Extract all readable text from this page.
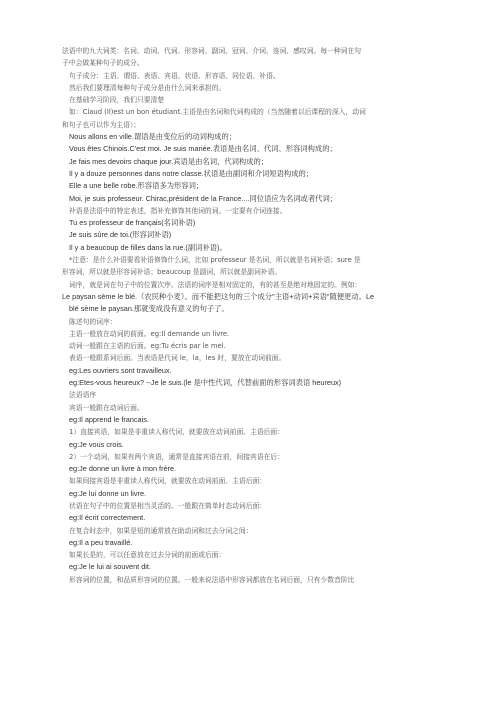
法语中的九大词类：名词、动词、代词、形容词、副词、冠词、介词、连词、感叹词。每一种词在句
子中会做某种句子的成分。
句子成分：主语、谓语、表语、宾语、状语、形容语、同位语、补语。
然后我们要理清每种句子成分是由什么词来承担的。
在基础学习阶段，我们只要清楚
如：Claud (Il)est un bon étudiant.主语是由名词和代词构成的（当然随着以后课程的深入，动词
和句子也可以作为主语）；
Nous allons en ville.谓语是由变位后的动词构成的；
Vous êtes Chinois.C'est moi. Je suis mariée.表语是由名词、代词、形容词构成的；
Je fais mes devoirs chaque jour.宾语是由名词，代词构成的；
Il y a douze personnes dans notre classe.状语是由副词和介词短语构成的；
Elle a une belle robe.形容语多为形容词；
Moi, je suis professeur. Chirac,président de la France....同位语应为名词或者代词；
补语是法语中的特定表述，指补充修饰其他词的词。一定要有介词连接。
Tu es professeur de français(名词补语)
Je suis sûre de toi.(形容词补语)
Il y a beaucoup de filles dans la rue.(副词补语)。
*注意：是什么补语要看补语修饰什么词，比如 professeur 是名词，所以就是名词补语；sure 是
形容词，所以就是形容词补语；beaucoup 是副词，所以就是副词补语。
词序，就是词在句子中的位置次序。法语的词序是相对固定的，有的甚至是绝对地固定的。例如：
Le paysan sème le blé.（农民种小麦）。而不能把这句的三个成分"主语+动词+宾语"随便更动。Le
blé sème le paysan.那就变成没有意义的句子了。
陈述句的词序：
主语一般放在动词的前面。eg:Il demande un livre.
动词一般跟在主语的后面。eg:Tu écris par le mel.
表语一般跟系词后面。当表语是代词 le，la，les 时，要放在动词前面。
eg:Les ouvriers sont travailleux.
eg:Etes-vous heureux? --Je le suis.(le 是中性代词，代替前面的形容词表语 heureux)
法语语序
宾语一般跟在动词后面。
eg:Il apprend le francais.
1）直接宾语，如果是非重读人称代词，就要放在动词前面、主语后面：
eg:Je vous crois.
2）一个动词，如果有两个宾语，通常是直接宾语在前，间接宾语在后：
eg:Je donne un livre à mon frère.
如果间接宾语是非重读人称代词，就要放在动词前面、主语后面：
eg:Je lui donne un livre.
状语在句子中的位置是相当灵活的。一般跟在简单时态动词后面：
eg:Il écrit correctement.
在复合时态中，如果是短的通常放在助动词和过去分词之间：
eg:Il a peu travaillé.
如果长是的，可以任意放在过去分词的前面或后面：
eg:Je le lui ai souvent dit.
形容词的位置，和品质形容词的位置。一般来说法语中形容词都放在名词后面，只有少数音阶比
